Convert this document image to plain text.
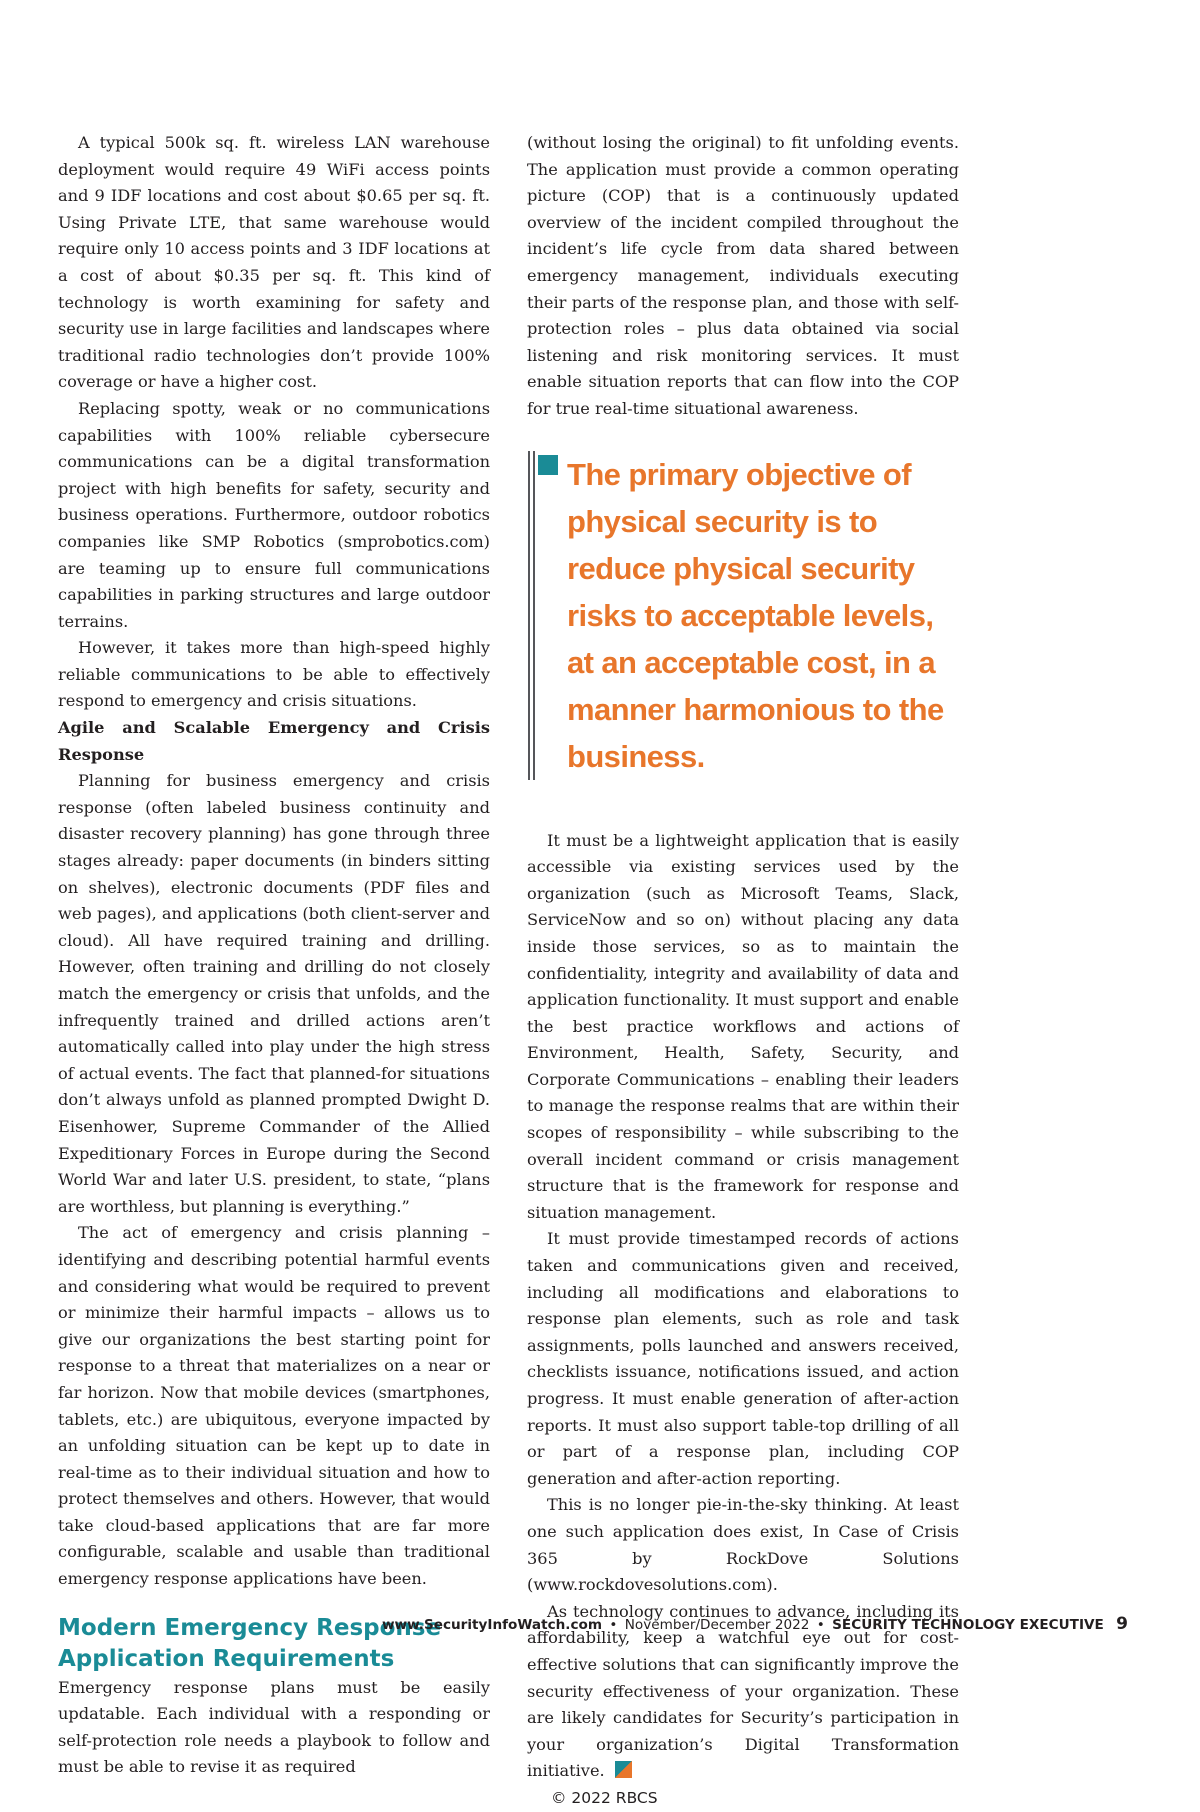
A typical 500k sq. ft. wireless LAN warehouse deployment would require 49 WiFi access points and 9 IDF locations and cost about $0.65 per sq. ft. Using Private LTE, that same warehouse would require only 10 access points and 3 IDF locations at a cost of about $0.35 per sq. ft. This kind of technology is worth examining for safety and security use in large facilities and landscapes where traditional radio technologies don’t provide 100% coverage or have a higher cost.

Replacing spotty, weak or no communications capabilities with 100% reliable cybersecure communications can be a digital transformation project with high benefits for safety, security and business operations. Furthermore, outdoor robotics companies like SMP Robotics (smprobotics.com) are teaming up to ensure full communications capabilities in parking structures and large outdoor terrains.

However, it takes more than high-speed highly reliable communications to be able to effectively respond to emergency and crisis situations.

Agile and Scalable Emergency and Crisis Response

Planning for business emergency and crisis response (often labeled business continuity and disaster recovery planning) has gone through three stages already: paper documents (in binders sitting on shelves), electronic documents (PDF files and web pages), and applications (both client-server and cloud). All have required training and drilling. However, often training and drilling do not closely match the emergency or crisis that unfolds, and the infrequently trained and drilled actions aren’t automatically called into play under the high stress of actual events. The fact that planned-for situations don’t always unfold as planned prompted Dwight D. Eisenhower, Supreme Commander of the Allied Expeditionary Forces in Europe during the Second World War and later U.S. president, to state, “plans are worthless, but planning is everything.”

The act of emergency and crisis planning – identifying and describing potential harmful events and considering what would be required to prevent or minimize their harmful impacts – allows us to give our organizations the best starting point for response to a threat that materializes on a near or far horizon. Now that mobile devices (smartphones, tablets, etc.) are ubiquitous, everyone impacted by an unfolding situation can be kept up to date in real-time as to their individual situation and how to protect themselves and others. However, that would take cloud-based applications that are far more configurable, scalable and usable than traditional emergency response applications have been.

Modern Emergency Response Application Requirements

Emergency response plans must be easily updatable. Each individual with a responding or self-protection role needs a playbook to follow and must be able to revise it as required

(without losing the original) to fit unfolding events. The application must provide a common operating picture (COP) that is a continuously updated overview of the incident compiled throughout the incident’s life cycle from data shared between emergency management, individuals executing their parts of the response plan, and those with self-protection roles – plus data obtained via social listening and risk monitoring services. It must enable situation reports that can flow into the COP for true real-time situational awareness.

The primary objective of physical security is to reduce physical security risks to acceptable levels, at an acceptable cost, in a manner harmonious to the business.

It must be a lightweight application that is easily accessible via existing services used by the organization (such as Microsoft Teams, Slack, ServiceNow and so on) without placing any data inside those services, so as to maintain the confidentiality, integrity and availability of data and application functionality. It must support and enable the best practice workflows and actions of Environment, Health, Safety, Security, and Corporate Communications – enabling their leaders to manage the response realms that are within their scopes of responsibility – while subscribing to the overall incident command or crisis management structure that is the framework for response and situation management.

It must provide timestamped records of actions taken and communications given and received, including all modifications and elaborations to response plan elements, such as role and task assignments, polls launched and answers received, checklists issuance, notifications issued, and action progress. It must enable generation of after-action reports. It must also support table-top drilling of all or part of a response plan, including COP generation and after-action reporting.

This is no longer pie-in-the-sky thinking. At least one such application does exist, In Case of Crisis 365 by RockDove Solutions (www.rockdovesolutions.com).

As technology continues to advance, including its affordability, keep a watchful eye out for cost-effective solutions that can significantly improve the security effectiveness of your organization. These are likely candidates for Security’s participation in your organization’s Digital Transformation initiative.

© 2022 RBCS

www.SecurityInfoWatch.com • November/December 2022 • SECURITY TECHNOLOGY EXECUTIVE 9
